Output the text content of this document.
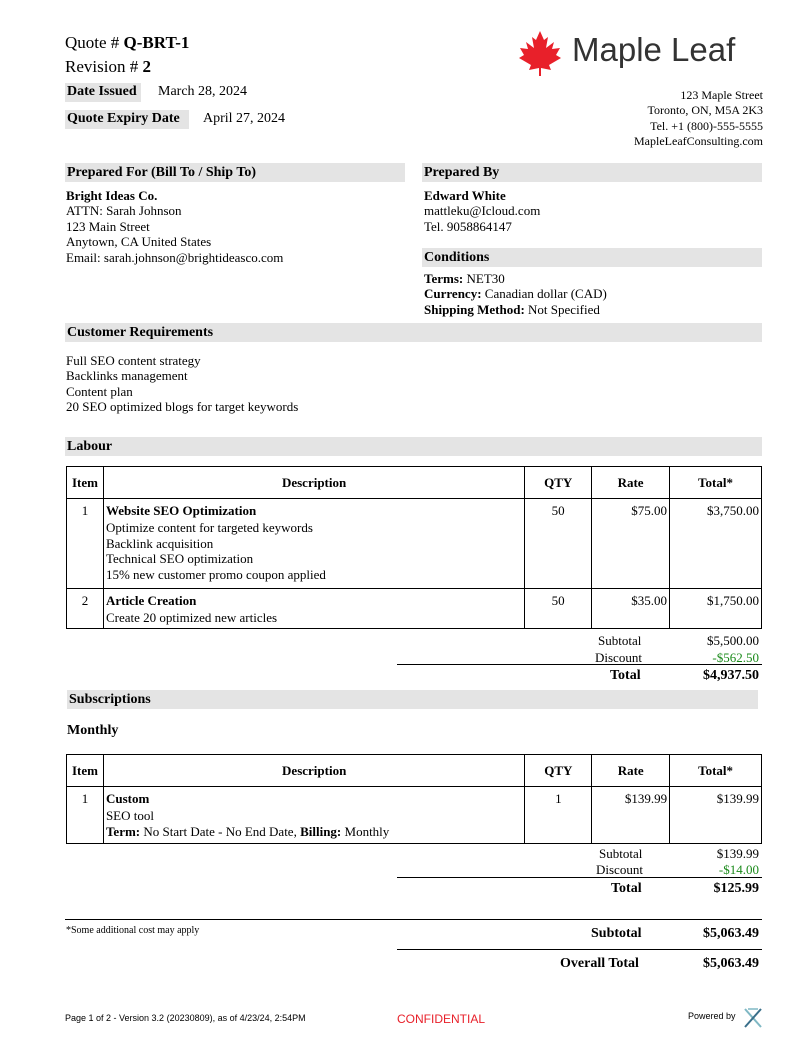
Quote # Q-BRT-1
Revision # 2
Date Issued March 28, 2024
Quote Expiry Date April 27, 2024
Maple Leaf
123 Maple Street
Toronto, ON, M5A 2K3
Tel. +1 (800)-555-5555
MapleLeafConsulting.com
Prepared For (Bill To / Ship To)
Bright Ideas Co.
ATTN: Sarah Johnson
123 Main Street
Anytown, CA United States
Email: sarah.johnson@brightideasco.com
Prepared By
Edward White
mattleku@Icloud.com
Tel. 9058864147
Conditions
Terms: NET30
Currency: Canadian dollar (CAD)
Shipping Method: Not Specified
Customer Requirements
Full SEO content strategy
Backlinks management
Content plan
20 SEO optimized blogs for target keywords
Labour
Item	Description	QTY	Rate	Total*
1	Website SEO Optimization
Optimize content for targeted keywords
Backlink acquisition
Technical SEO optimization
15% new customer promo coupon applied	50	$75.00	$3,750.00
2	Article Creation
Create 20 optimized new articles	50	$35.00	$1,750.00
Subtotal	$5,500.00
Discount	-$562.50
Total	$4,937.50
Subscriptions
Monthly
Item	Description	QTY	Rate	Total*
1	Custom
SEO tool
Term: No Start Date - No End Date, Billing: Monthly	1	$139.99	$139.99
Subtotal	$139.99
Discount	-$14.00
Total	$125.99
*Some additional cost may apply	Subtotal	$5,063.49
Overall Total	$5,063.49
Page 1 of 2 - Version 3.2 (20230809), as of 4/23/24, 2:54PM	CONFIDENTIAL	Powered by
